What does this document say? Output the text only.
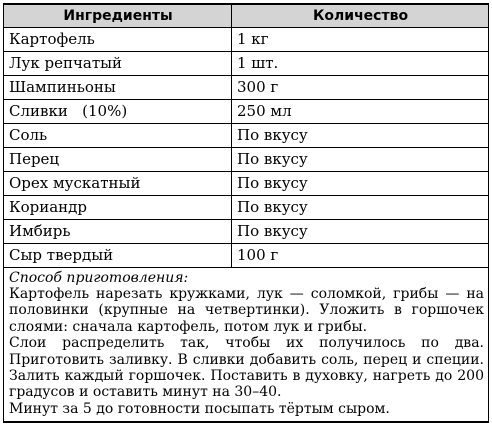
Ингредиенты	Количество
Картофель	1 кг
Лук репчатый	1 шт.
Шампиньоны	300 г
Сливки   (10%)	250 мл
Соль	По вкусу
Перец	По вкусу
Орех мускатный	По вкусу
Кориандр	По вкусу
Имбирь	По вкусу
Сыр твердый	100 г

Способ приготовления:
Картофель нарезать кружками, лук — соломкой, грибы — на половинки (крупные на четвертинки). Уложить в горшочек слоями: сначала картофель, потом лук и грибы.
Слои распределить так, чтобы их получилось по два. Приготовить заливку. В сливки добавить соль, перец и специи. Залить каждый горшочек. Поставить в духовку, нагреть до 200 градусов и оставить минут на 30–40.
Минут за 5 до готовности посыпать тёртым сыром.	
